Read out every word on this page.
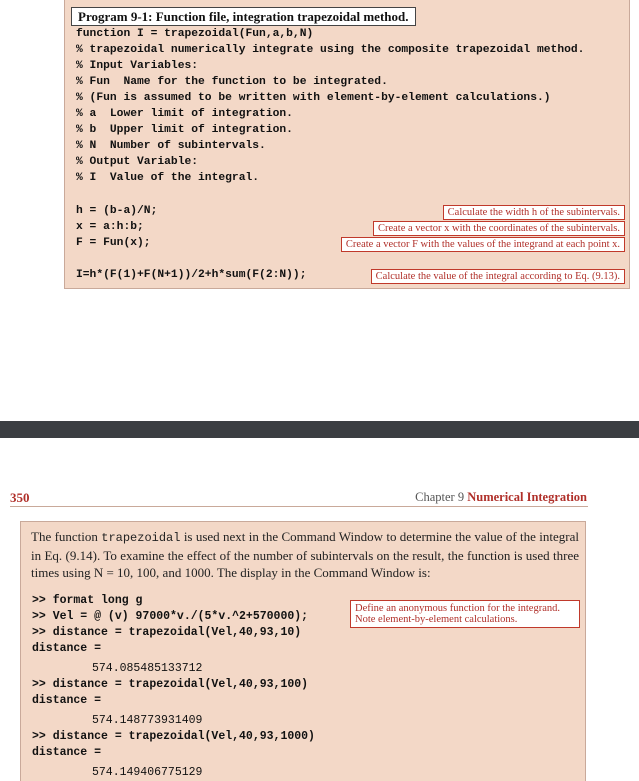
Program 9-1: Function file, integration trapezoidal method.
function I = trapezoidal(Fun,a,b,N)
% trapezoidal numerically integrate using the composite trapezoidal method.
% Input Variables:
% Fun  Name for the function to be integrated.
% (Fun is assumed to be written with element-by-element calculations.)
% a  Lower limit of integration.
% b  Upper limit of integration.
% N  Number of subintervals.
% Output Variable:
% I  Value of the integral.
h = (b-a)/N;	Calculate the width h of the subintervals.
x = a:h:b;	Create a vector x with the coordinates of the subintervals.
F = Fun(x);	Create a vector F with the values of the integrand at each point x.
I=h*(F(1)+F(N+1))/2+h*sum(F(2:N));	Calculate the value of the integral according to Eq. (9.13).
350	Chapter 9 Numerical Integration

The function trapezoidal is used next in the Command Window to determine the value of the integral in Eq. (9.14). To examine the effect of the number of subintervals on the result, the function is used three times using N = 10, 100, and 1000. The display in the Command Window is:

>> format long g
>> Vel = @ (v) 97000*v./(5*v.^2+570000);
>> distance = trapezoidal(Vel,40,93,10)
distance =
574.085485133712
>> distance = trapezoidal(Vel,40,93,100)
distance =
574.148773931409
>> distance = trapezoidal(Vel,40,93,1000)
distance =
574.149406775129
Define an anonymous function for the integrand. Note element-by-element calculations.
